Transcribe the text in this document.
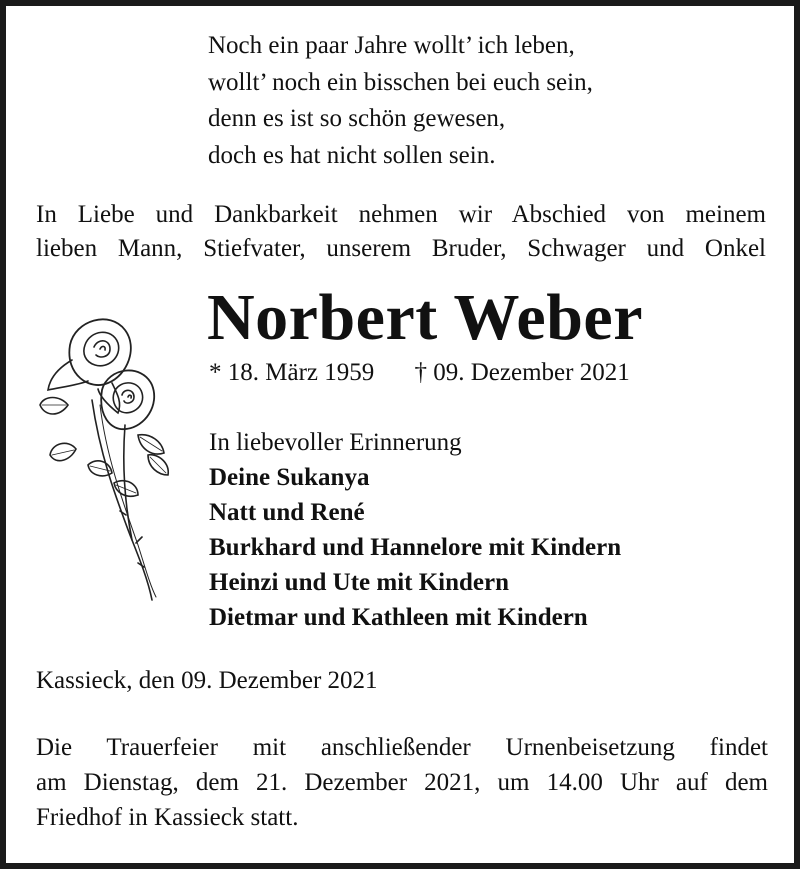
Noch ein paar Jahre wollt’ ich leben,
wollt’ noch ein bisschen bei euch sein,
denn es ist so schön gewesen,
doch es hat nicht sollen sein.
In Liebe und Dankbarkeit nehmen wir Abschied von meinem
lieben Mann, Stiefvater, unserem Bruder, Schwager und Onkel
Norbert Weber
* 18. März 1959 † 09. Dezember 2021
In liebevoller Erinnerung
Deine Sukanya
Natt und René
Burkhard und Hannelore mit Kindern
Heinzi und Ute mit Kindern
Dietmar und Kathleen mit Kindern
Kassieck, den 09. Dezember 2021
Die Trauerfeier mit anschließender Urnenbeisetzung findet
am Dienstag, dem 21. Dezember 2021, um 14.00 Uhr auf dem
Friedhof in Kassieck statt.
